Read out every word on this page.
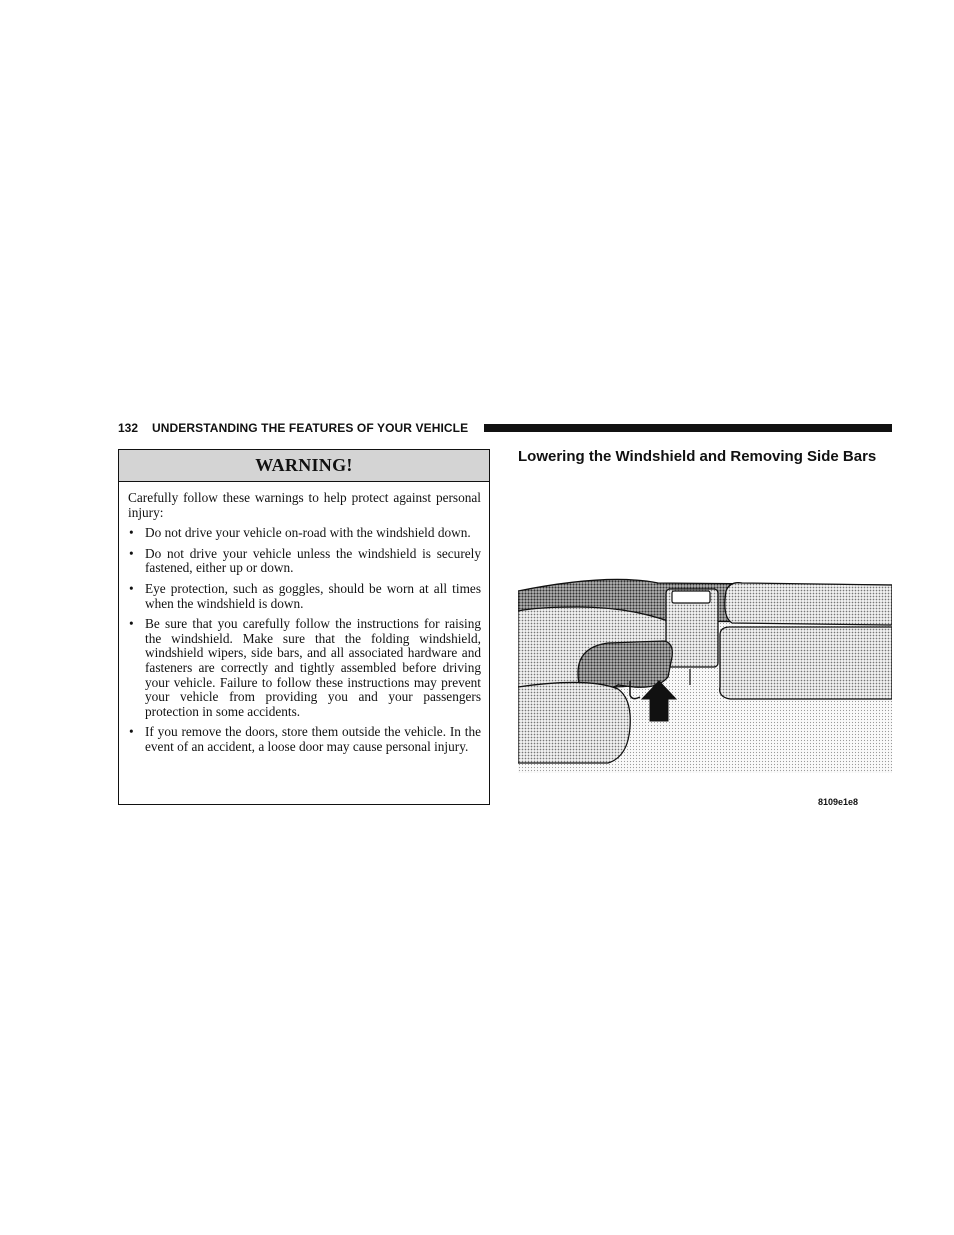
132 UNDERSTANDING THE FEATURES OF YOUR VEHICLE
WARNING!

Carefully follow these warnings to help protect against personal injury:

• Do not drive your vehicle on-road with the windshield down.
• Do not drive your vehicle unless the windshield is securely fastened, either up or down.
• Eye protection, such as goggles, should be worn at all times when the windshield is down.
• Be sure that you carefully follow the instructions for raising the windshield. Make sure that the folding windshield, windshield wipers, side bars, and all associated hardware and fasteners are correctly and tightly assembled before driving your vehicle. Failure to follow these instructions may prevent your vehicle from providing you and your passengers protection in some accidents.
• If you remove the doors, store them outside the vehicle. In the event of an accident, a loose door may cause personal injury.
Lowering the Windshield and Removing Side Bars
8109e1e8
